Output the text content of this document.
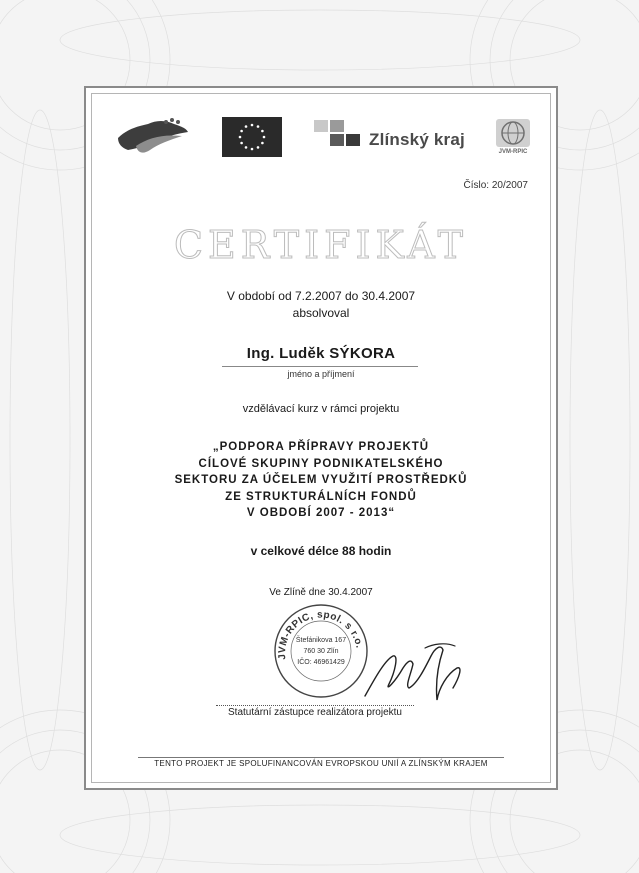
Zlínský kraj
JVM-RPIC
Číslo: 20/2007
CERTIFIKÁT
V období od 7.2.2007 do 30.4.2007
absolvoval
Ing. Luděk SÝKORA
jméno a příjmení
vzdělávací kurz v rámci projektu
„PODPORA PŘÍPRAVY PROJEKTŮ
CÍLOVÉ SKUPINY PODNIKATELSKÉHO
SEKTORU ZA ÚČELEM VYUŽITÍ PROSTŘEDKŮ
ZE STRUKTURÁLNÍCH FONDŮ
V OBDOBÍ 2007 - 2013“
v celkové délce 88 hodin
Ve Zlíně dne 30.4.2007
JVM-RPIC, spol. s r.o.
Štefánikova 167
760 30 Zlín
IČO: 46961429
Statutární zástupce realizátora projektu
TENTO PROJEKT JE SPOLUFINANCOVÁN EVROPSKOU UNIÍ A ZLÍNSKÝM KRAJEM
